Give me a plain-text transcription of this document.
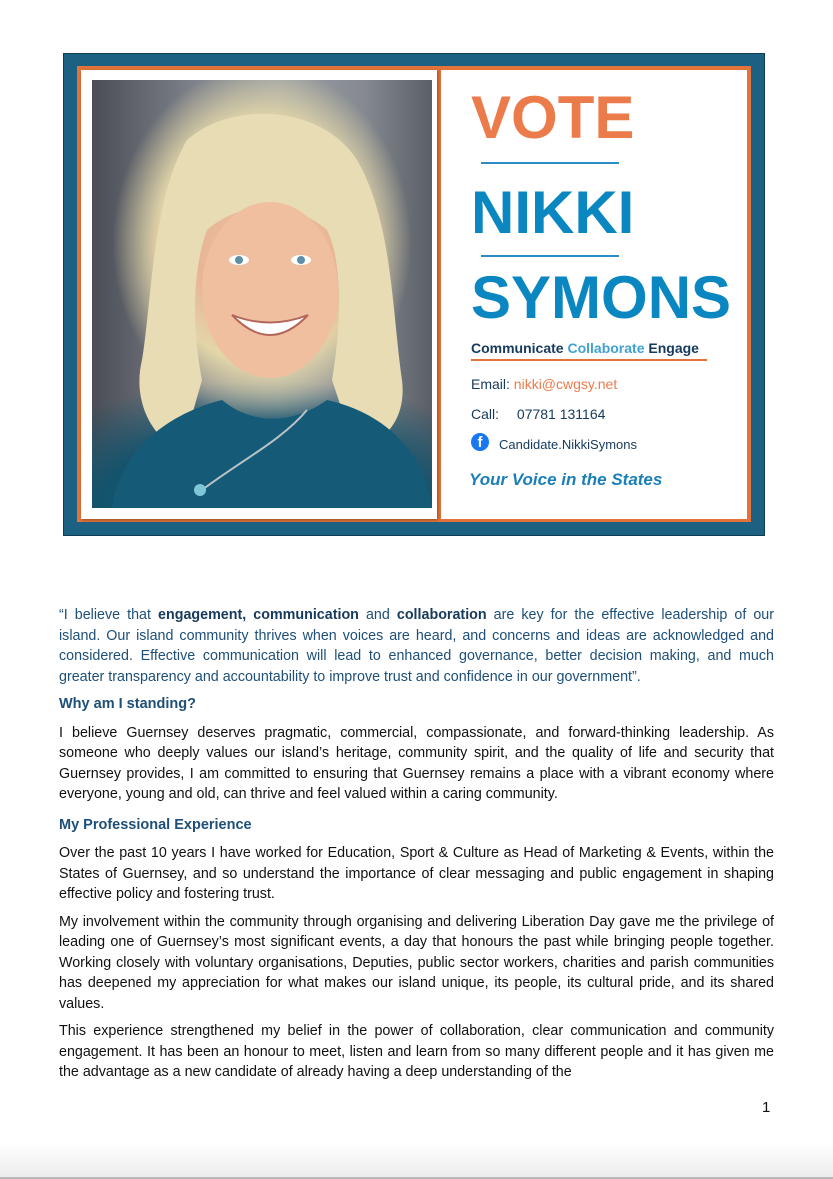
VOTE
NIKKI
SYMONS
Communicate Collaborate Engage
Email: nikki@cwgsy.net
Call: 07781 131164
f Candidate.NikkiSymons
Your Voice in the States

“I believe that engagement, communication and collaboration are key for the effective leadership of our island. Our island community thrives when voices are heard, and concerns and ideas are acknowledged and considered. Effective communication will lead to enhanced governance, better decision making, and much greater transparency and accountability to improve trust and confidence in our government”.

Why am I standing?

I believe Guernsey deserves pragmatic, commercial, compassionate, and forward-thinking leadership. As someone who deeply values our island’s heritage, community spirit, and the quality of life and security that Guernsey provides, I am committed to ensuring that Guernsey remains a place with a vibrant economy where everyone, young and old, can thrive and feel valued within a caring community.

My Professional Experience

Over the past 10 years I have worked for Education, Sport & Culture as Head of Marketing & Events, within the States of Guernsey, and so understand the importance of clear messaging and public engagement in shaping effective policy and fostering trust.

My involvement within the community through organising and delivering Liberation Day gave me the privilege of leading one of Guernsey’s most significant events, a day that honours the past while bringing people together. Working closely with voluntary organisations, Deputies, public sector workers, charities and parish communities has deepened my appreciation for what makes our island unique, its people, its cultural pride, and its shared values.

This experience strengthened my belief in the power of collaboration, clear communication and community engagement. It has been an honour to meet, listen and learn from so many different people and it has given me the advantage as a new candidate of already having a deep understanding of the

1
